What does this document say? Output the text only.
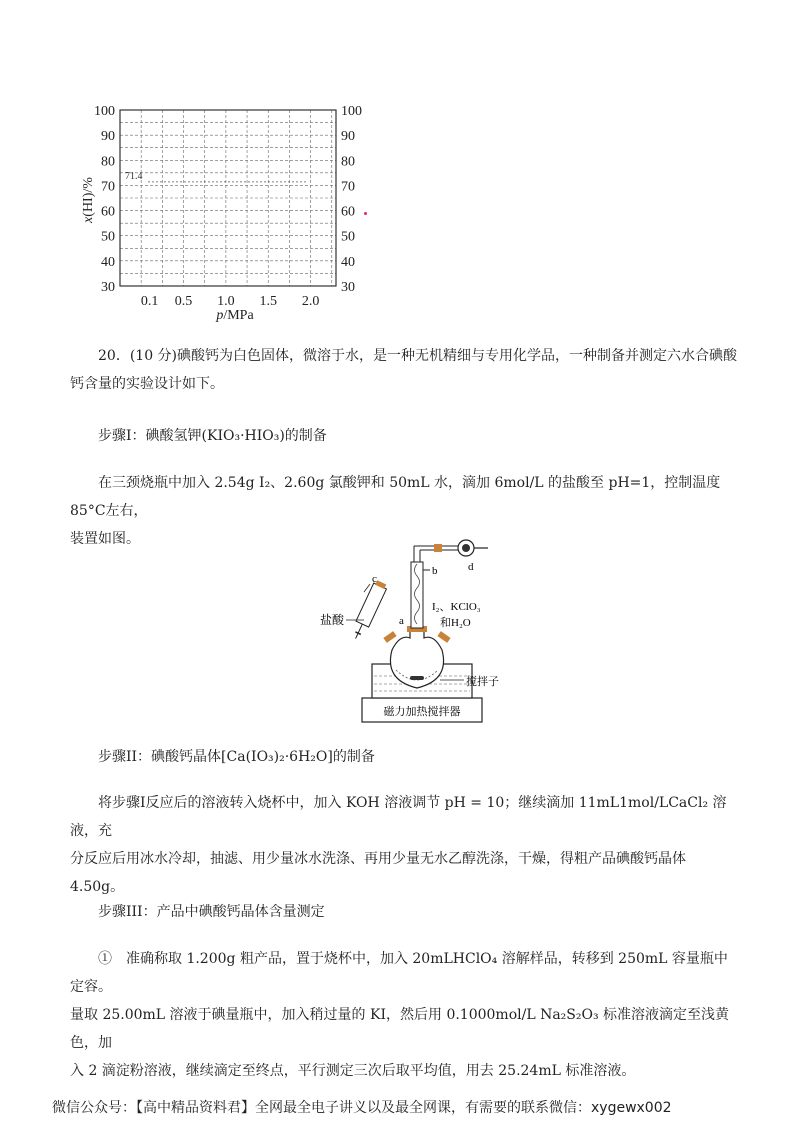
30
40
50
60
70
80
90
100
30
40
50
60
70
80
90
100
0.1 0.5 1.0 1.5 2.0
71.4
p/MPa
x(HI)/%
20．(10 分)碘酸钙为白色固体，微溶于水，是一种无机精细与专用化学品，一种制备并测定六水合碘酸
钙含量的实验设计如下。
步骤I：碘酸氢钾(KIO₃·HIO₃)的制备
在三颈烧瓶中加入 2.54g I₂、2.60g 氯酸钾和 50mL 水，滴加 6mol/L 的盐酸至 pH=1，控制温度 85°C左右，
装置如图。
磁力加热搅拌器
搅拌子
b	d
c
盐酸	a
I₂、KClO₃
和H₂O
步骤II：碘酸钙晶体[Ca(IO₃)₂·6H₂O]的制备
将步骤I反应后的溶液转入烧杯中，加入 KOH 溶液调节 pH = 10；继续滴加 11mL1mol/LCaCl₂ 溶液，充
分反应后用冰水冷却，抽滤、用少量冰水洗涤、再用少量无水乙醇洗涤，干燥，得粗产品碘酸钙晶体
4.50g。
步骤III：产品中碘酸钙晶体含量测定
①　准确称取 1.200g 粗产品，置于烧杯中，加入 20mLHClO₄ 溶解样品，转移到 250mL 容量瓶中定容。
量取 25.00mL 溶液于碘量瓶中，加入稍过量的 KI，然后用 0.1000mol/L Na₂S₂O₃ 标准溶液滴定至浅黄色，加
入 2 滴淀粉溶液，继续滴定至终点，平行测定三次后取平均值，用去 25.24mL 标准溶液。
微信公众号：【高中精品资料君】全网最全电子讲义以及最全网课，有需要的联系微信：xygewx002
